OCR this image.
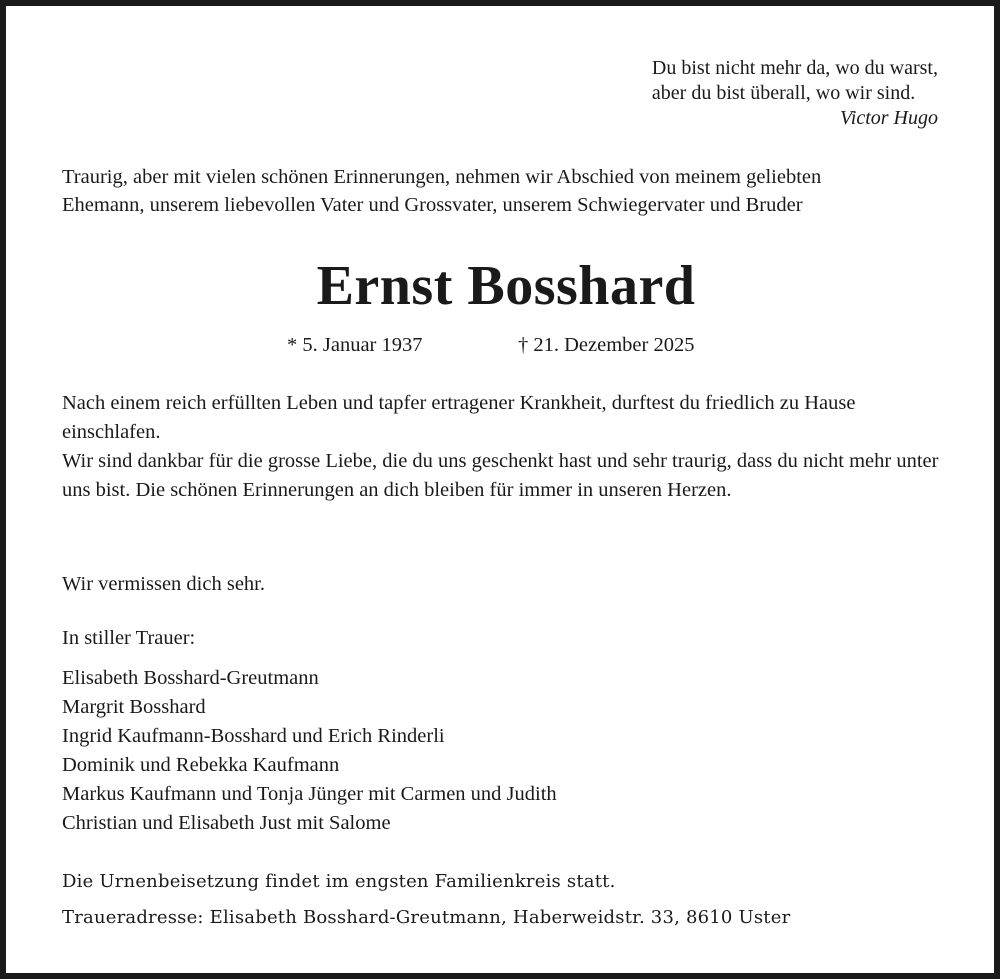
Du bist nicht mehr da, wo du warst,
aber du bist überall, wo wir sind.
Victor Hugo
Traurig, aber mit vielen schönen Erinnerungen, nehmen wir Abschied von meinem geliebten
Ehemann, unserem liebevollen Vater und Grossvater, unserem Schwiegervater und Bruder
Ernst Bosshard
* 5. Januar 1937	† 21. Dezember 2025
Nach einem reich erfüllten Leben und tapfer ertragener Krankheit, durftest du friedlich zu Hause einschlafen.
Wir sind dankbar für die grosse Liebe, die du uns geschenkt hast und sehr traurig, dass du nicht mehr unter uns bist. Die schönen Erinnerungen an dich bleiben für immer in unseren Herzen.
Wir vermissen dich sehr.
In stiller Trauer:
Elisabeth Bosshard-Greutmann
Margrit Bosshard
Ingrid Kaufmann-Bosshard und Erich Rinderli
Dominik und Rebekka Kaufmann
Markus Kaufmann und Tonja Jünger mit Carmen und Judith
Christian und Elisabeth Just mit Salome
Die Urnenbeisetzung findet im engsten Familienkreis statt.
Traueradresse: Elisabeth Bosshard-Greutmann, Haberweidstr. 33, 8610 Uster
